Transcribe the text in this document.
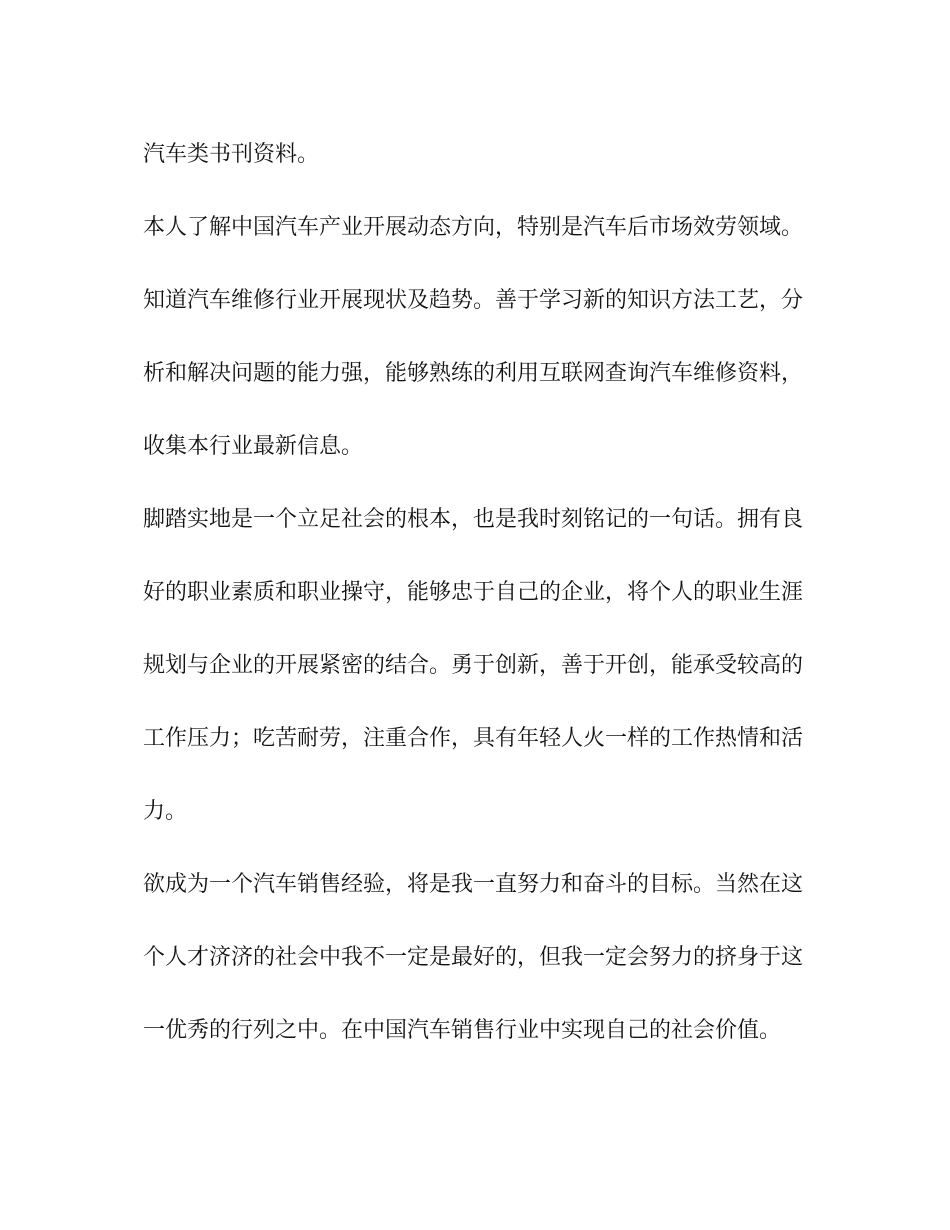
汽车类书刊资料。

本人了解中国汽车产业开展动态方向，特别是汽车后市场效劳领域。

知道汽车维修行业开展现状及趋势。善于学习新的知识方法工艺，分

析和解决问题的能力强，能够熟练的利用互联网查询汽车维修资料，

收集本行业最新信息。

脚踏实地是一个立足社会的根本，也是我时刻铭记的一句话。拥有良

好的职业素质和职业操守，能够忠于自己的企业，将个人的职业生涯

规划与企业的开展紧密的结合。勇于创新，善于开创，能承受较高的

工作压力；吃苦耐劳，注重合作，具有年轻人火一样的工作热情和活

力。

欲成为一个汽车销售经验，将是我一直努力和奋斗的目标。当然在这

个人才济济的社会中我不一定是最好的，但我一定会努力的挤身于这

一优秀的行列之中。在中国汽车销售行业中实现自己的社会价值。
